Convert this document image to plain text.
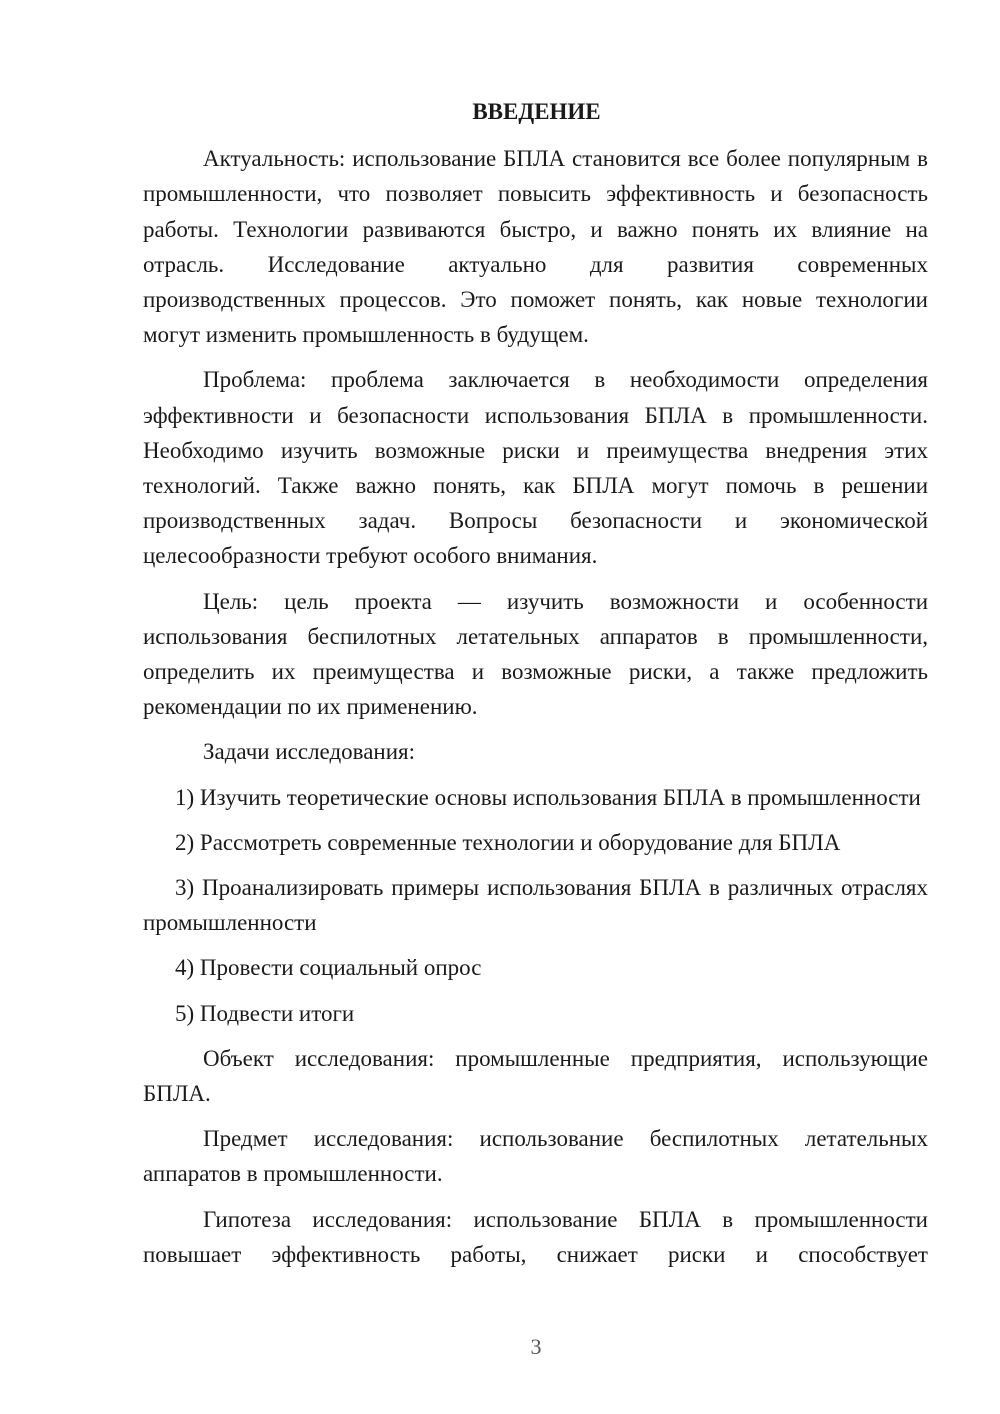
ВВЕДЕНИЕ
Актуальность: использование БПЛА становится все более популярным в промышленности, что позволяет повысить эффективность и безопасность работы. Технологии развиваются быстро, и важно понять их влияние на отрасль. Исследование актуально для развития современных производственных процессов. Это поможет понять, как новые технологии могут изменить промышленность в будущем.
Проблема: проблема заключается в необходимости определения эффективности и безопасности использования БПЛА в промышленности. Необходимо изучить возможные риски и преимущества внедрения этих технологий. Также важно понять, как БПЛА могут помочь в решении производственных задач. Вопросы безопасности и экономической целесообразности требуют особого внимания.
Цель: цель проекта — изучить возможности и особенности использования беспилотных летательных аппаратов в промышленности, определить их преимущества и возможные риски, а также предложить рекомендации по их применению.
Задачи исследования:
1) Изучить теоретические основы использования БПЛА в промышленности
2) Рассмотреть современные технологии и оборудование для БПЛА
3) Проанализировать примеры использования БПЛА в различных отраслях промышленности
4) Провести социальный опрос
5) Подвести итоги
Объект исследования: промышленные предприятия, использующие БПЛА.
Предмет исследования: использование беспилотных летательных аппаратов в промышленности.
Гипотеза исследования: использование БПЛА в промышленности повышает эффективность работы, снижает риски и способствует
3
